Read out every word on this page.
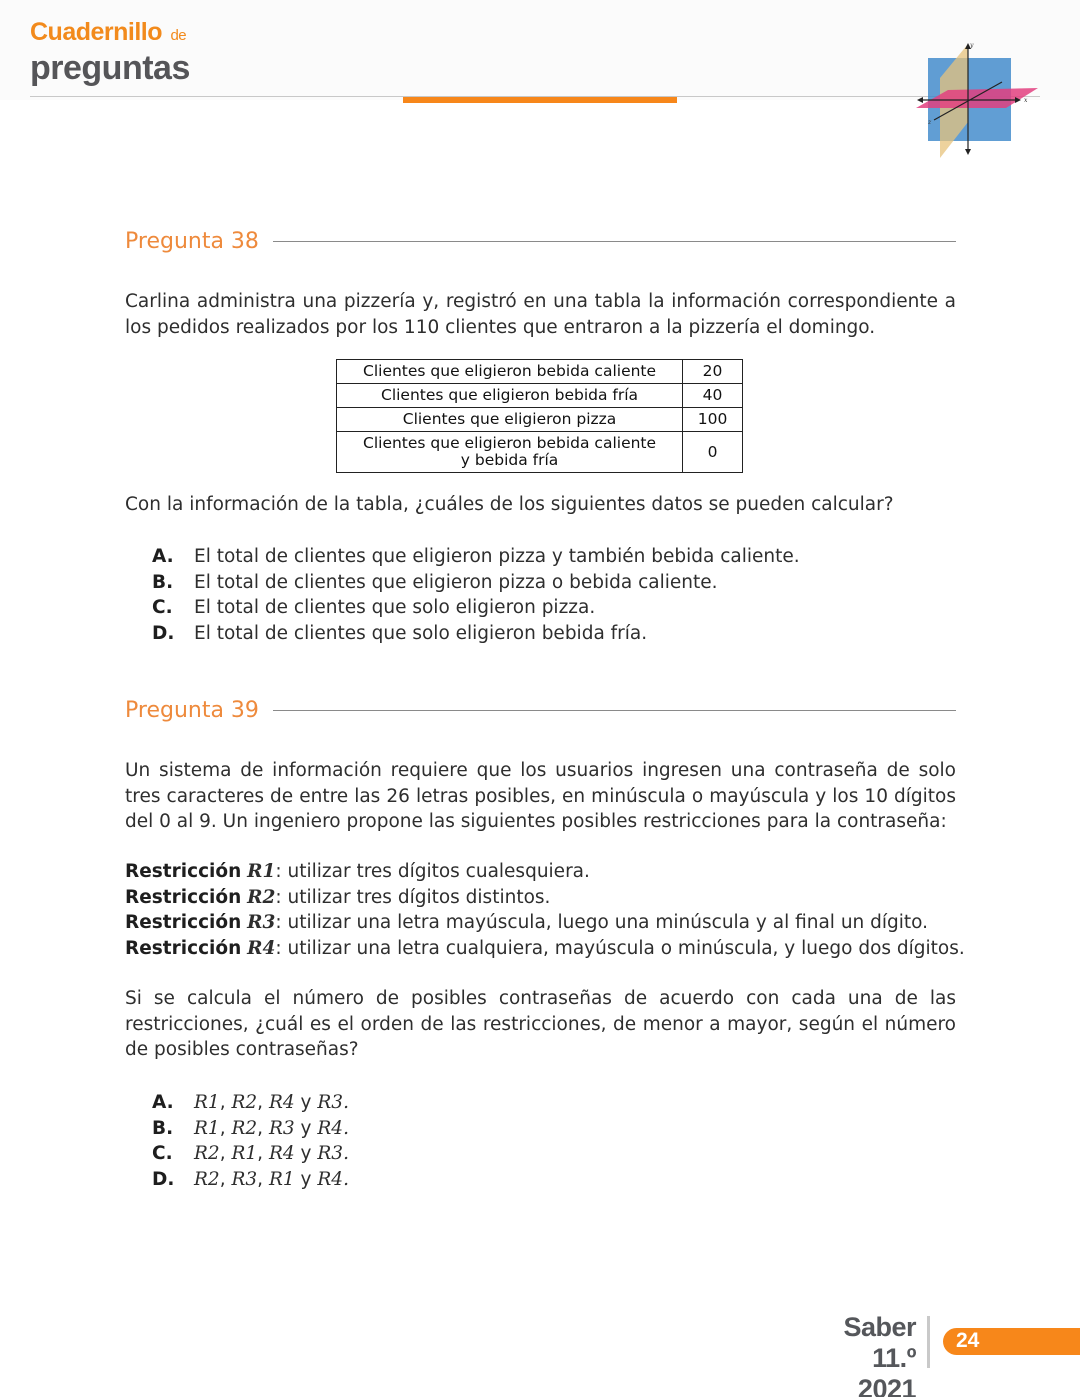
Cuadernillo de
preguntas
y
x
z
Pregunta 38

Carlina administra una pizzería y, registró en una tabla la información correspondiente a los pedidos realizados por los 110 clientes que entraron a la pizzería el domingo.

Clientes que eligieron bebida caliente	20
Clientes que eligieron bebida fría	40
Clientes que eligieron pizza	100

Clientes que eligieron bebida caliente
y bebida fría	0

Con la información de la tabla, ¿cuáles de los siguientes datos se pueden calcular?

A.	El total de clientes que eligieron pizza y también bebida caliente.
B.	El total de clientes que eligieron pizza o bebida caliente.
C.	El total de clientes que solo eligieron pizza.
D.	El total de clientes que solo eligieron bebida fría.
Pregunta 39

Un sistema de información requiere que los usuarios ingresen una contraseña de solo tres caracteres de entre las 26 letras posibles, en minúscula o mayúscula y los 10 dígitos del 0 al 9. Un ingeniero propone las siguientes posibles restricciones para la contraseña:

Restricción R1: utilizar tres dígitos cualesquiera.
Restricción R2: utilizar tres dígitos distintos.
Restricción R3: utilizar una letra mayúscula, luego una minúscula y al final un dígito.
Restricción R4: utilizar una letra cualquiera, mayúscula o minúscula, y luego dos dígitos.

Si se calcula el número de posibles contraseñas de acuerdo con cada una de las restricciones, ¿cuál es el orden de las restricciones, de menor a mayor, según el número de posibles contraseñas?

A.	R1, R2, R4 y R3.
B.	R1, R2, R3 y R4.
C.	R2, R1, R4 y R3.
D.	R2, R3, R1 y R4.
Saber 11.º
2021
24
